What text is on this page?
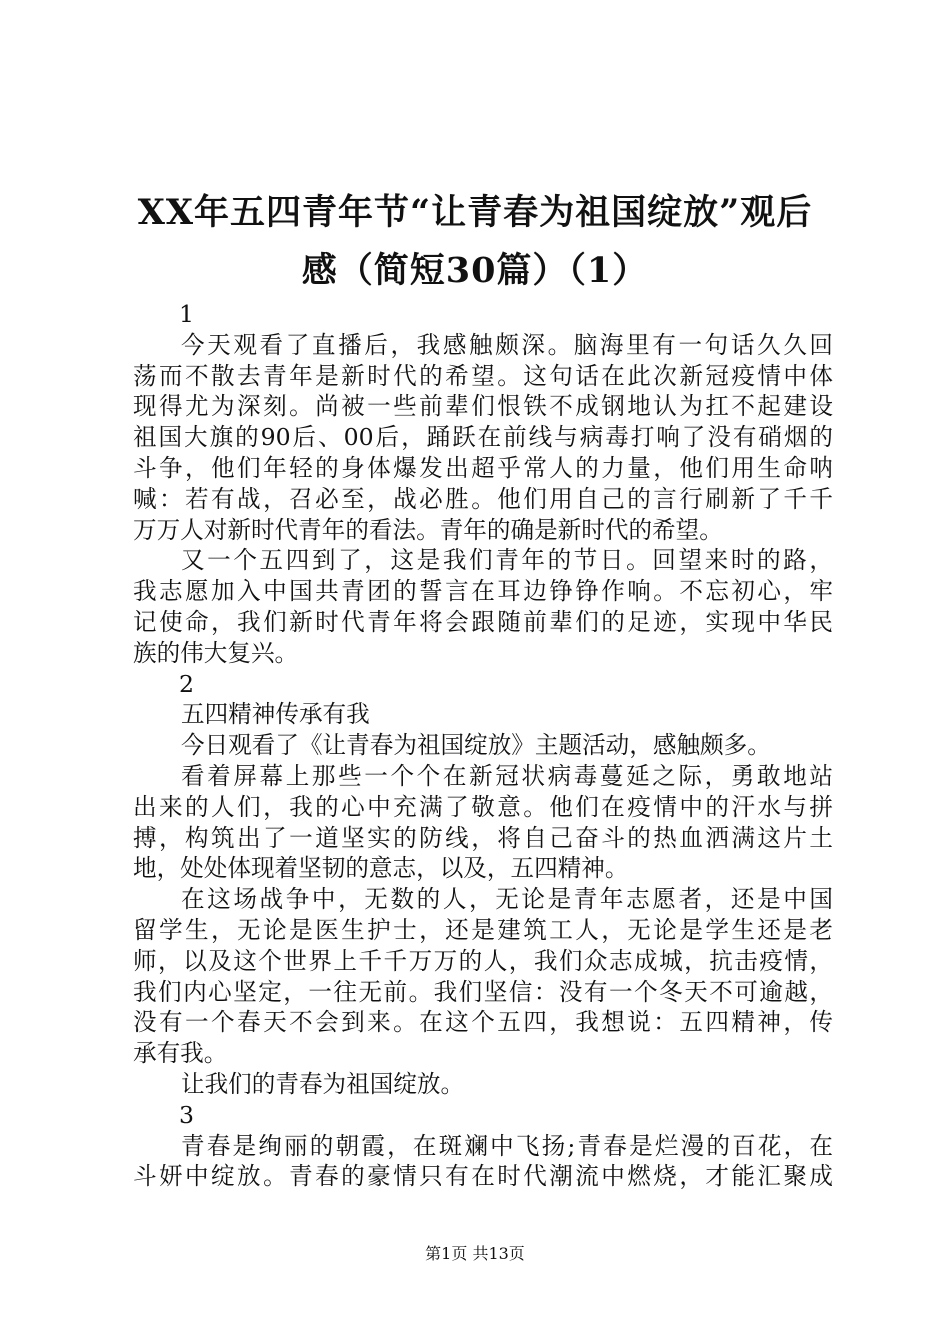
XX年五四青年节“让青春为祖国绽放”观后
感（简短30篇）（1）
1
今天观看了直播后，我感触颇深。脑海里有一句话久久回
荡而不散去青年是新时代的希望。这句话在此次新冠疫情中体
现得尤为深刻。尚被一些前辈们恨铁不成钢地认为扛不起建设
祖国大旗的90后、00后，踊跃在前线与病毒打响了没有硝烟的
斗争，他们年轻的身体爆发出超乎常人的力量，他们用生命呐
喊：若有战，召必至，战必胜。他们用自己的言行刷新了千千
万万人对新时代青年的看法。青年的确是新时代的希望。
又一个五四到了，这是我们青年的节日。回望来时的路，
我志愿加入中国共青团的誓言在耳边铮铮作响。不忘初心，牢
记使命，我们新时代青年将会跟随前辈们的足迹，实现中华民
族的伟大复兴。
2
五四精神传承有我
今日观看了《让青春为祖国绽放》主题活动，感触颇多。
看着屏幕上那些一个个在新冠状病毒蔓延之际，勇敢地站
出来的人们，我的心中充满了敬意。他们在疫情中的汗水与拼
搏，构筑出了一道坚实的防线，将自己奋斗的热血洒满这片土
地，处处体现着坚韧的意志，以及，五四精神。
在这场战争中，无数的人，无论是青年志愿者，还是中国
留学生，无论是医生护士，还是建筑工人，无论是学生还是老
师，以及这个世界上千千万万的人，我们众志成城，抗击疫情，
我们内心坚定，一往无前。我们坚信：没有一个冬天不可逾越，
没有一个春天不会到来。在这个五四，我想说：五四精神，传
承有我。
让我们的青春为祖国绽放。
3
青春是绚丽的朝霞，在斑斓中飞扬;青春是烂漫的百花，在
斗妍中绽放。青春的豪情只有在时代潮流中燃烧，才能汇聚成
第1页 共13页
